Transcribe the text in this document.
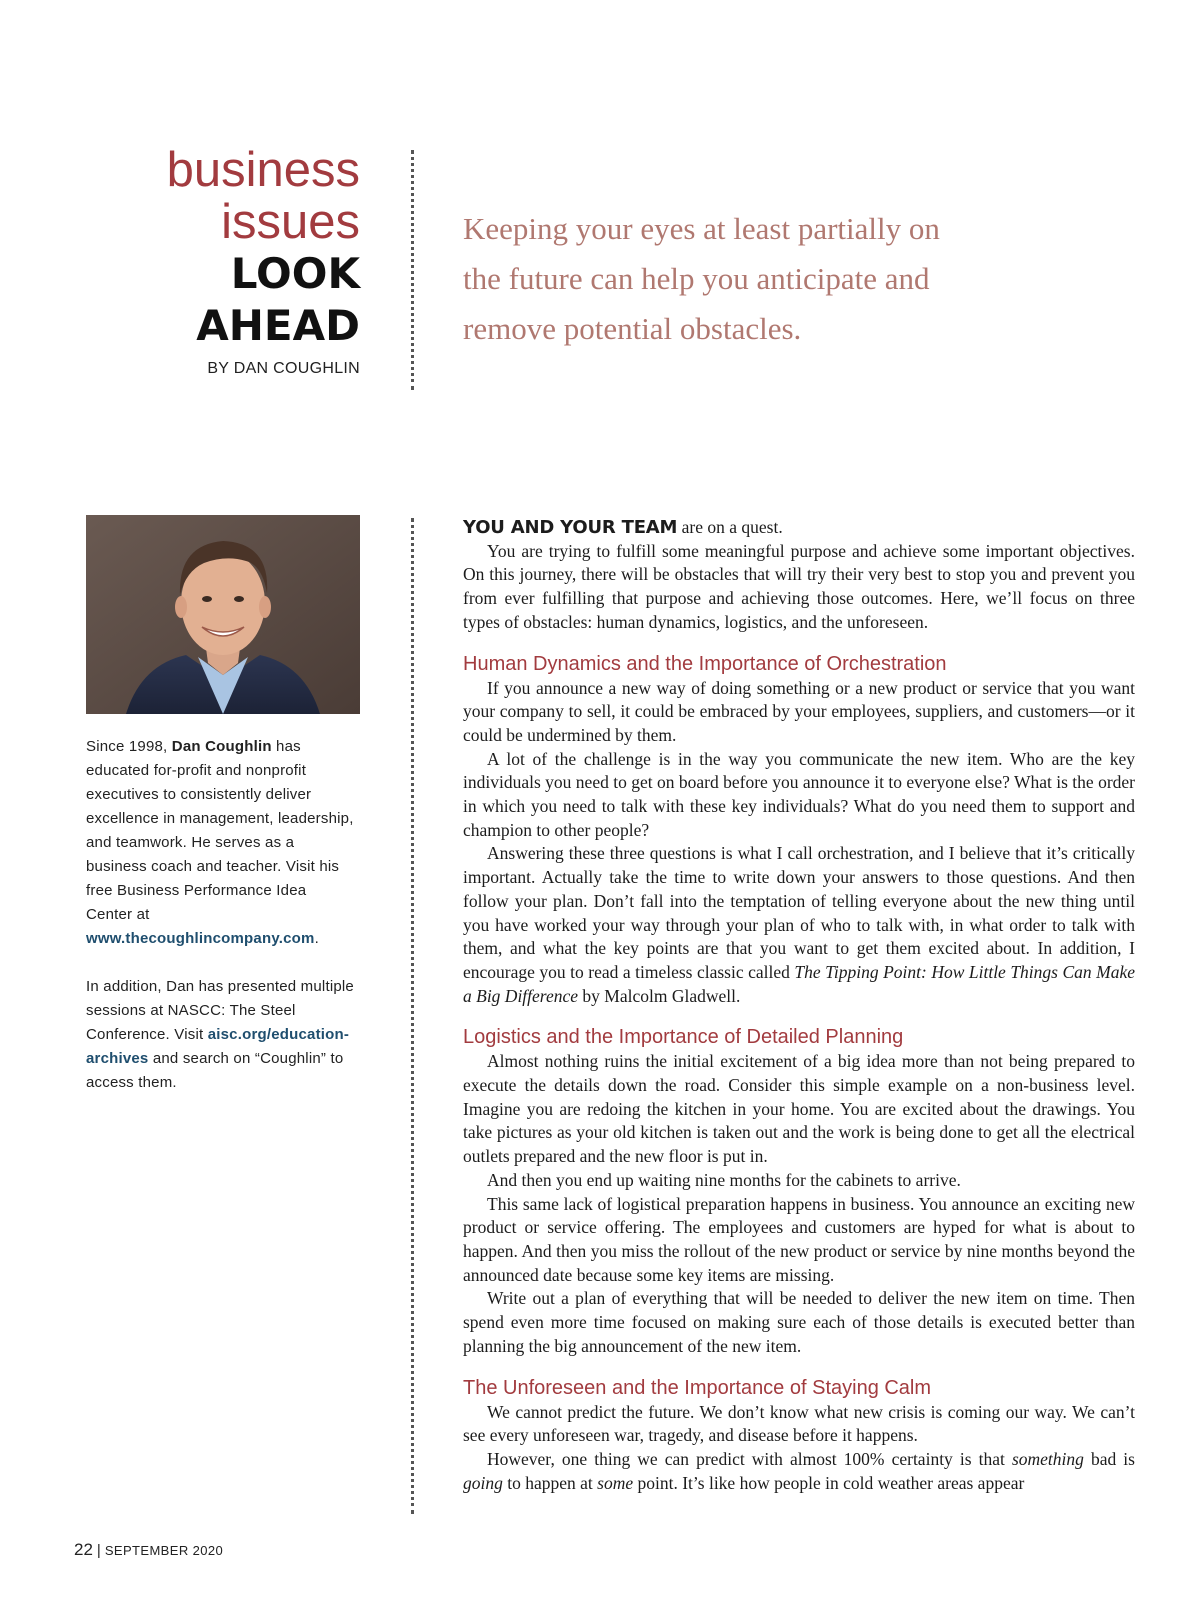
business
issues
LOOK
AHEAD
BY DAN COUGHLIN
Keeping your eyes at least partially on the future can help you anticipate and remove potential obstacles.

Since 1998, Dan Coughlin has educated for-profit and nonprofit executives to consistently deliver excellence in management, leadership, and teamwork. He serves as a business coach and teacher. Visit his free Business Performance Idea Center at www.thecoughlincompany.com.

In addition, Dan has presented multiple sessions at NASCC: The Steel Conference. Visit aisc.org/education-archives and search on “Coughlin” to access them.

YOU AND YOUR TEAM are on a quest.

You are trying to fulfill some meaningful purpose and achieve some important objectives. On this journey, there will be obstacles that will try their very best to stop you and prevent you from ever fulfilling that purpose and achieving those outcomes. Here, we’ll focus on three types of obstacles: human dynamics, logistics, and the unforeseen.

Human Dynamics and the Importance of Orchestration

If you announce a new way of doing something or a new product or service that you want your company to sell, it could be embraced by your employees, suppliers, and customers—or it could be undermined by them.

A lot of the challenge is in the way you communicate the new item. Who are the key individuals you need to get on board before you announce it to everyone else? What is the order in which you need to talk with these key individuals? What do you need them to support and champion to other people?

Answering these three questions is what I call orchestration, and I believe that it’s critically important. Actually take the time to write down your answers to those questions. And then follow your plan. Don’t fall into the temptation of telling everyone about the new thing until you have worked your way through your plan of who to talk with, in what order to talk with them, and what the key points are that you want to get them excited about. In addition, I encourage you to read a timeless classic called The Tipping Point: How Little Things Can Make a Big Difference by Malcolm Gladwell.

Logistics and the Importance of Detailed Planning

Almost nothing ruins the initial excitement of a big idea more than not being prepared to execute the details down the road. Consider this simple example on a non-business level. Imagine you are redoing the kitchen in your home. You are excited about the drawings. You take pictures as your old kitchen is taken out and the work is being done to get all the electrical outlets prepared and the new floor is put in.

And then you end up waiting nine months for the cabinets to arrive.

This same lack of logistical preparation happens in business. You announce an exciting new product or service offering. The employees and customers are hyped for what is about to happen. And then you miss the rollout of the new product or service by nine months beyond the announced date because some key items are missing.

Write out a plan of everything that will be needed to deliver the new item on time. Then spend even more time focused on making sure each of those details is executed better than planning the big announcement of the new item.

The Unforeseen and the Importance of Staying Calm

We cannot predict the future. We don’t know what new crisis is coming our way. We can’t see every unforeseen war, tragedy, and disease before it happens.

However, one thing we can predict with almost 100% certainty is that something bad is going to happen at some point. It’s like how people in cold weather areas appear

22 | SEPTEMBER 2020
